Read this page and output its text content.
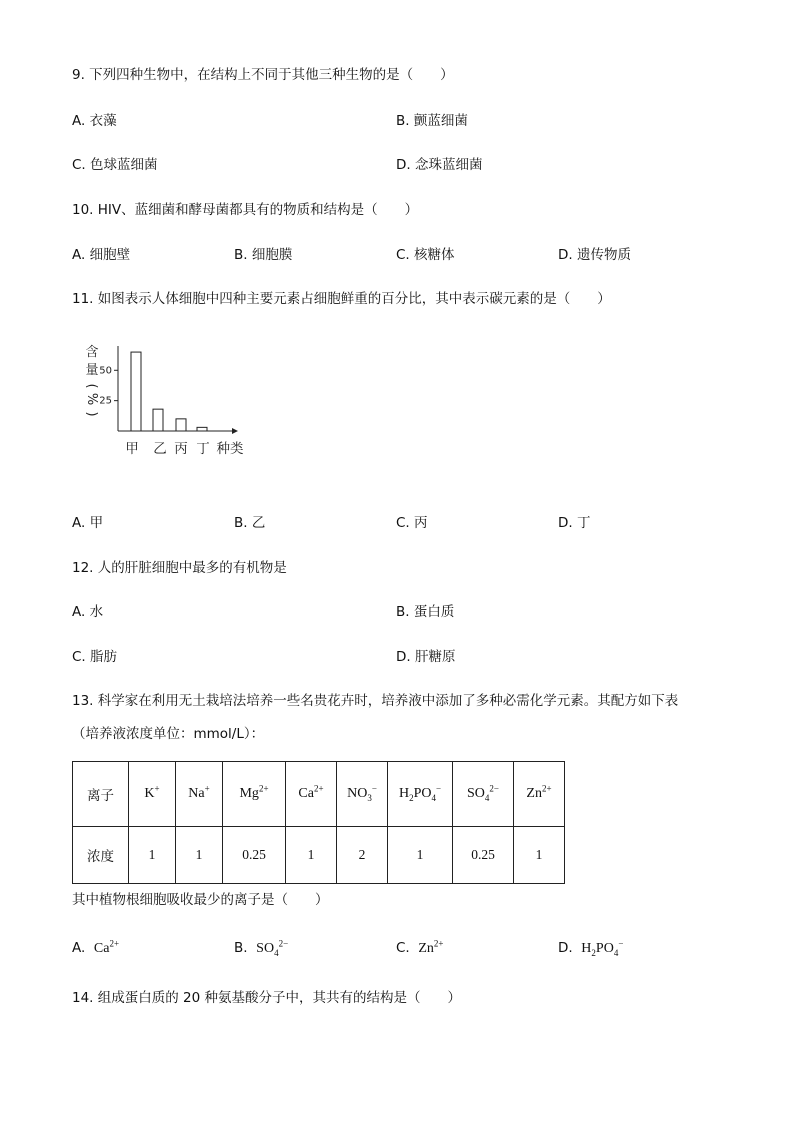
9. 下列四种生物中，在结构上不同于其他三种生物的是（　　）
A. 衣藻	B. 颤蓝细菌
C. 色球蓝细菌	D. 念珠蓝细菌
10. HIV、蓝细菌和酵母菌都具有的物质和结构是（　　）
A. 细胞壁	B. 细胞膜	C. 核糖体	D. 遗传物质
11. 如图表示人体细胞中四种主要元素占细胞鲜重的百分比，其中表示碳元素的是（　　）
25
50
含
量
(
%
)
甲 乙 丙 丁 种类
A. 甲	B. 乙	C. 丙	D. 丁
12. 人的肝脏细胞中最多的有机物是
A. 水	B. 蛋白质
C. 脂肪	D. 肝糖原
13. 科学家在利用无土栽培法培养一些名贵花卉时，培养液中添加了多种必需化学元素。其配方如下表
（培养液浓度单位：mmol/L）：
离子	K+	Na+	$Mg^{2+}$	$Ca^{2+}$	$NO_3^-$	$H_2PO_4^-$	$SO_4^{2-}$	$Zn^{2+}$
浓度	1	1	0.25	1	2	1	0.25	1
其中植物根细胞吸收最少的离子是（　　）
A. $Ca^{2+}$	B. $SO_4^{2-}$	C. $Zn^{2+}$	D. $H_2PO_4^-$
14. 组成蛋白质的 20 种氨基酸分子中，其共有的结构是（　　）
